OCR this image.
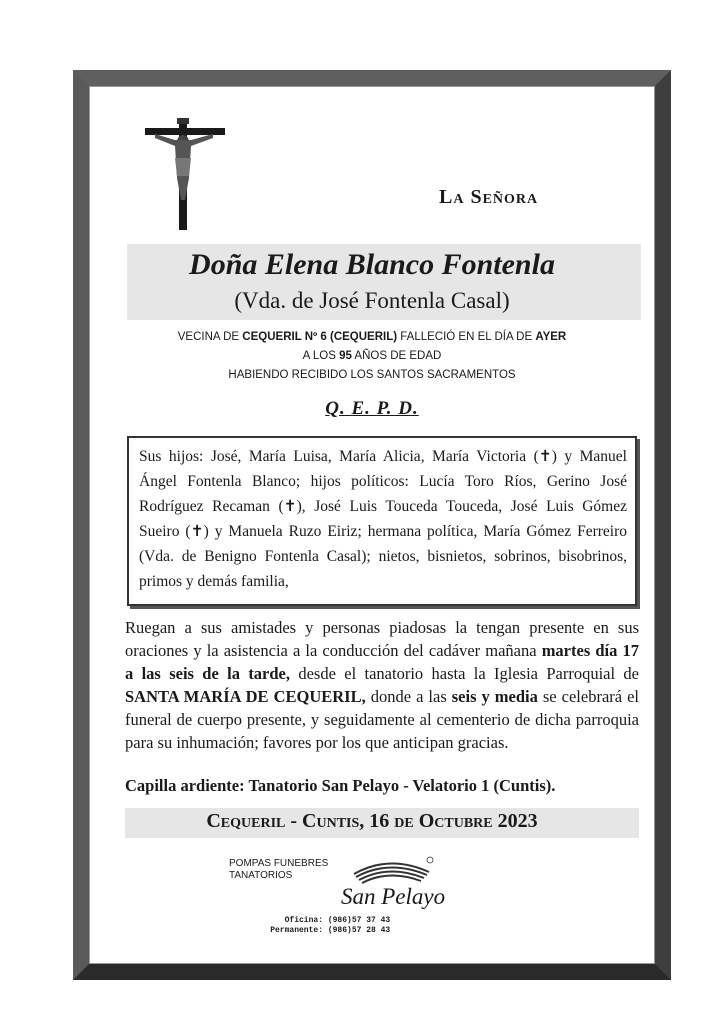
La Señora
Doña Elena Blanco Fontenla
(Vda. de José Fontenla Casal)
VECINA DE CEQUERIL Nº 6 (CEQUERIL) FALLECIÓ EN EL DÍA DE AYER
A LOS 95 AÑOS DE EDAD
HABIENDO RECIBIDO LOS SANTOS SACRAMENTOS
Q. E. P. D.
Sus hijos: José, María Luisa, María Alicia, María Victoria (✝) y Manuel Ángel Fontenla Blanco; hijos políticos: Lucía Toro Ríos, Gerino José Rodríguez Recaman (✝), José Luis Touceda Touceda, José Luis Gómez Sueiro (✝) y Manuela Ruzo Eiriz; hermana política, María Gómez Ferreiro (Vda. de Benigno Fontenla Casal); nietos, bisnietos, sobrinos, bisobrinos, primos y demás familia,
Ruegan a sus amistades y personas piadosas la tengan presente en sus oraciones y la asistencia a la conducción del cadáver mañana martes día 17 a las seis de la tarde, desde el tanatorio hasta la Iglesia Parroquial de SANTA MARÍA DE CEQUERIL, donde a las seis y media se celebrará el funeral de cuerpo presente, y seguidamente al cementerio de dicha parroquia para su inhumación; favores por los que anticipan gracias.
Capilla ardiente: Tanatorio San Pelayo - Velatorio 1 (Cuntis).
Cequeril - Cuntis, 16 de Octubre 2023
POMPAS FUNEBRES
TANATORIOS
San Pelayo
Oficina: (986)57 37 43
Permanente: (986)57 28 43
